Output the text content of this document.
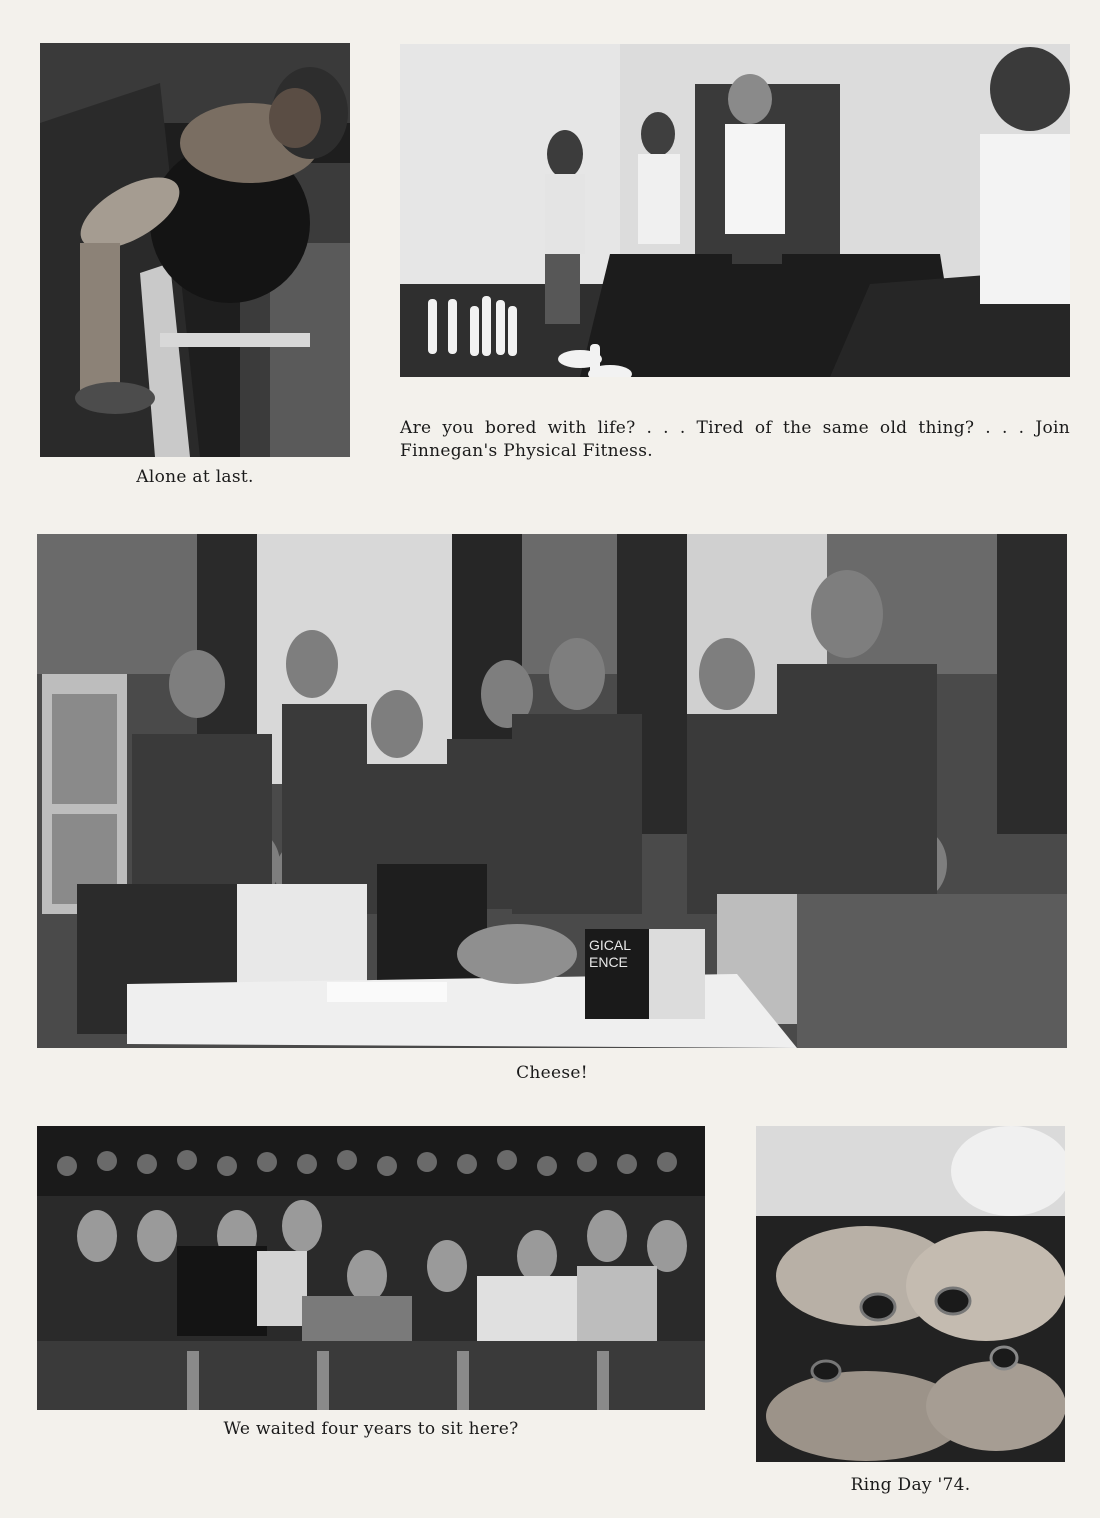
Alone at last.
Are you bored with life? . . . Tired of the same old thing? . . . Join
Finnegan's Physical Fitness.
GICAL
ENCE
Cheese!
We waited four years to sit here?
Ring Day '74.
